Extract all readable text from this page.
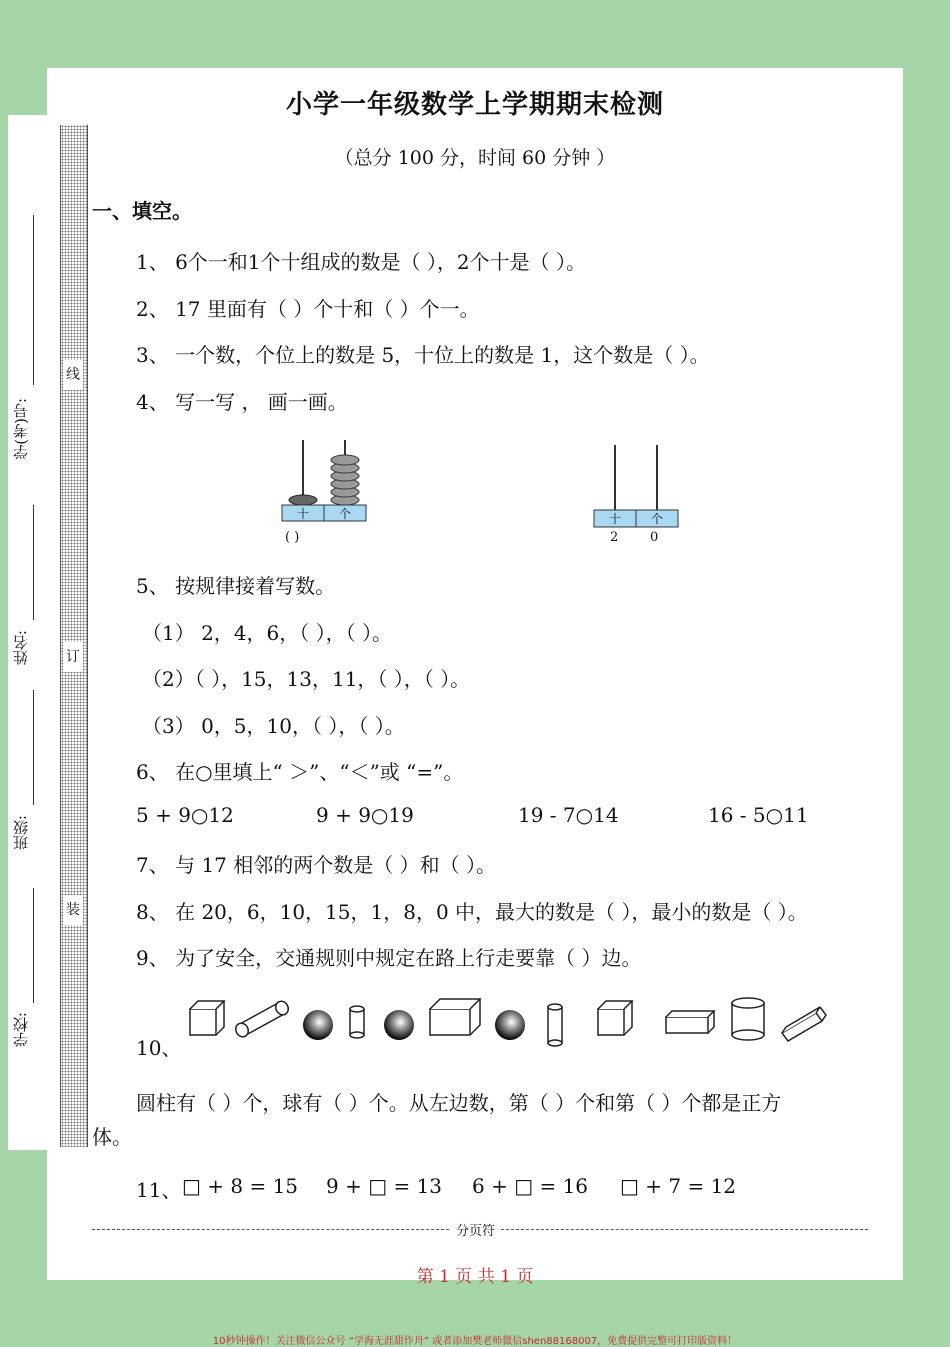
线
订
装
学(考)号:
姓名:
班级:
学校:
小学一年级数学上学期期末检测
（总分 100 分，时间 60 分钟 ）
一、填空。
1、 6个一和1个十组成的数是（ ），2个十是（ ）。
2、 17 里面有（ ）个十和（ ）个一。
3、 一个数，个位上的数是 5，十位上的数是 1，这个数是（ ）。
4、 写一写 ， 画一画。
十 个
( )
十 个
2 0
5、 按规律接着写数。
（1） 2，4，6，（ ），（ ）。
（2）（ ），15，13，11，（ ），（ ）。
（3） 0，5，10，（ ），（ ）。
6、 在○里填上“ ＞”、“＜”或 “=”。
5 + 9○12	9 + 9○19	19 - 7○14	16 - 5○11
7、 与 17 相邻的两个数是（ ）和（ ）。
8、 在 20，6，10，15，1，8，0 中，最大的数是（ ），最小的数是（ ）。
9、 为了安全，交通规则中规定在路上行走要靠（ ）边。
10、
圆柱有（ ）个，球有（ ）个。从左边数，第（ ）个和第（ ）个都是正方
体。
11、 □ + 8 = 15 9 + □ = 13 6 + □ = 16 □ + 7 = 12
分页符
第 1 页 共 1 页
10秒钟操作！关注微信公众号 “学海无涯甜作舟” 或者添加樊老师微信shen88168007，免费提供完整可打印版资料！
